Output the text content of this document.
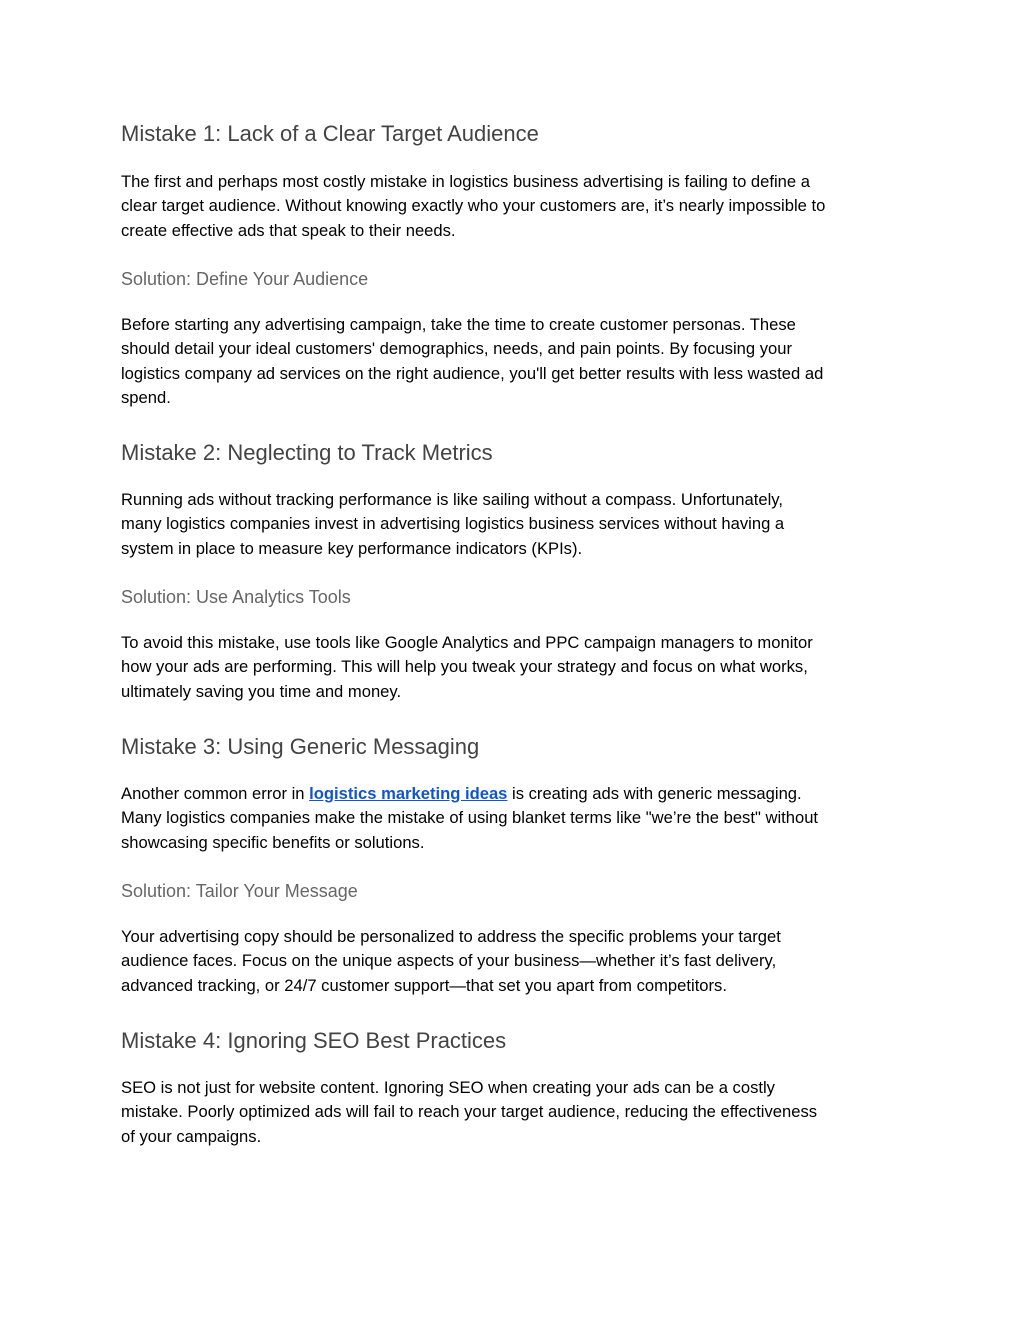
Mistake 1: Lack of a Clear Target Audience
The first and perhaps most costly mistake in logistics business advertising is failing to define a
clear target audience. Without knowing exactly who your customers are, it’s nearly impossible to
create effective ads that speak to their needs.
Solution: Define Your Audience
Before starting any advertising campaign, take the time to create customer personas. These
should detail your ideal customers' demographics, needs, and pain points. By focusing your
logistics company ad services on the right audience, you'll get better results with less wasted ad
spend.
Mistake 2: Neglecting to Track Metrics
Running ads without tracking performance is like sailing without a compass. Unfortunately,
many logistics companies invest in advertising logistics business services without having a
system in place to measure key performance indicators (KPIs).
Solution: Use Analytics Tools
To avoid this mistake, use tools like Google Analytics and PPC campaign managers to monitor
how your ads are performing. This will help you tweak your strategy and focus on what works,
ultimately saving you time and money.
Mistake 3: Using Generic Messaging
Another common error in logistics marketing ideas is creating ads with generic messaging.
Many logistics companies make the mistake of using blanket terms like "we’re the best" without
showcasing specific benefits or solutions.
Solution: Tailor Your Message
Your advertising copy should be personalized to address the specific problems your target
audience faces. Focus on the unique aspects of your business—whether it’s fast delivery,
advanced tracking, or 24/7 customer support—that set you apart from competitors.
Mistake 4: Ignoring SEO Best Practices
SEO is not just for website content. Ignoring SEO when creating your ads can be a costly
mistake. Poorly optimized ads will fail to reach your target audience, reducing the effectiveness
of your campaigns.
